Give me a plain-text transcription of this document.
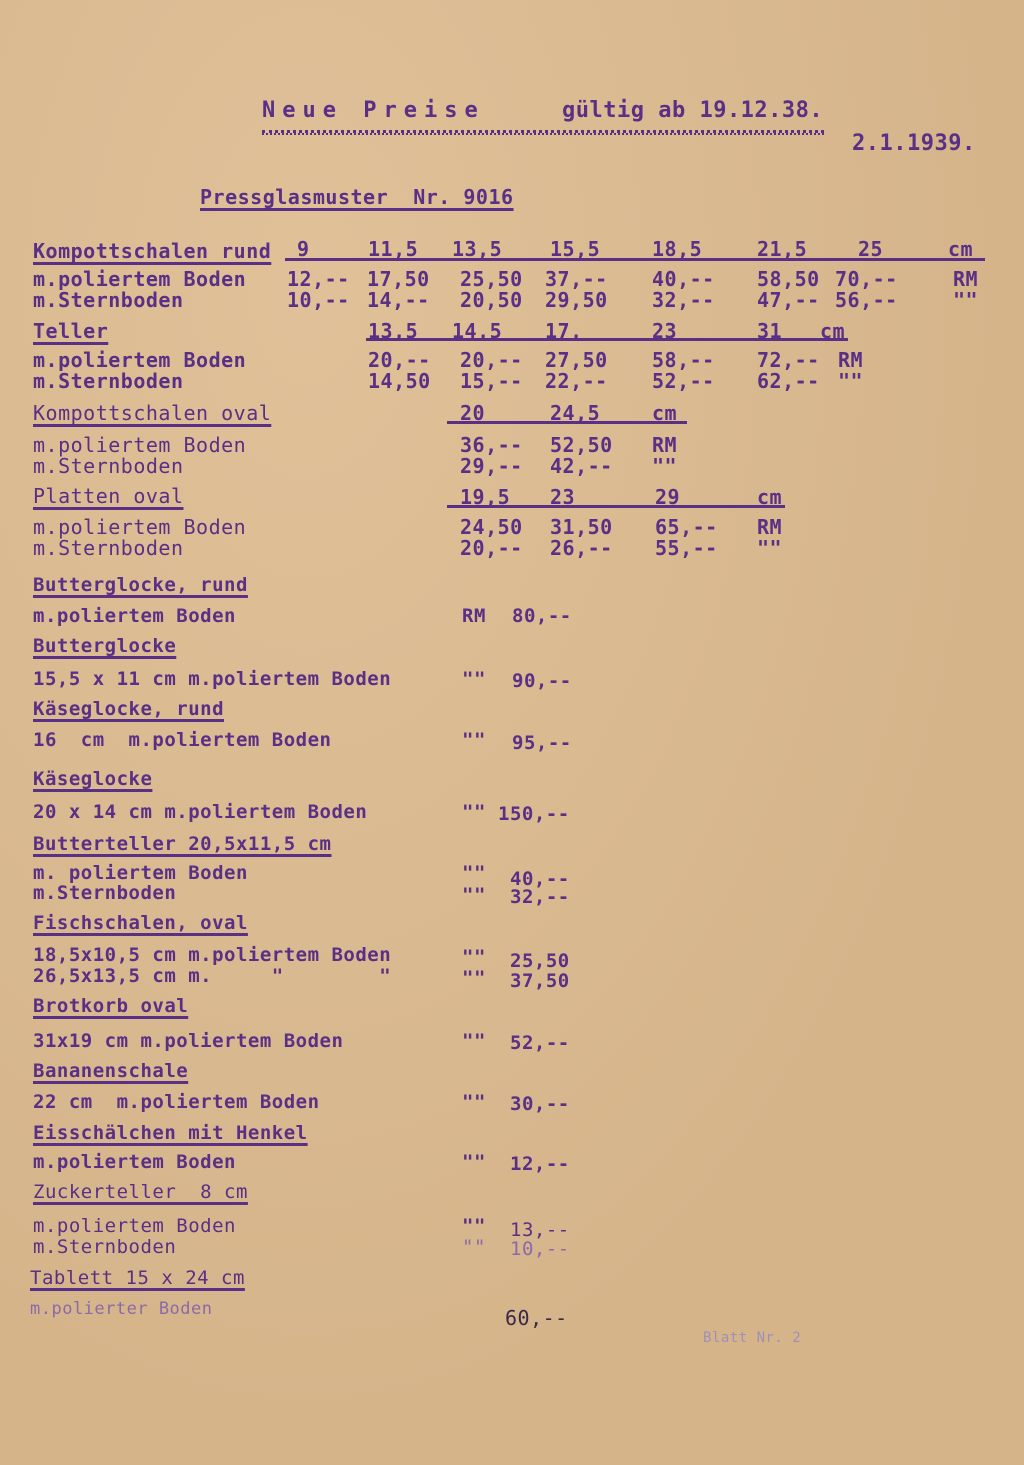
Neue Preise	gültig ab 19.12.38.
2.1.1939.
Pressglasmuster  Nr. 9016
Kompottschalen rund 9	11,5 13,5 15,5	18,5	21,5	25	cm
m.poliertem Boden 12,-- 17,50 25,50 37,-- 40,-- 58,50 70,--	RM
m.Sternboden	10,-- 14,-- 20,50 29,50 32,-- 47,-- 56,--	""
Teller	13,5 14,5 17,	23	31 cm
m.poliertem Boden	20,-- 20,-- 27,50 58,-- 72,-- RM
m.Sternboden	14,50 15,-- 22,-- 52,-- 62,-- ""
Kompottschalen oval	20	24,5	cm
m.poliertem Boden	36,-- 52,50 RM
m.Sternboden	29,-- 42,-- ""
Platten oval	19,5 23	29	cm
m.poliertem Boden	24,50 31,50 65,-- RM
m.Sternboden	20,-- 26,-- 55,-- ""
Butterglocke, rund
m.poliertem Boden	RM 80,--
Butterglocke
15,5 x 11 cm m.poliertem Boden	"" 90,--
Käseglocke, rund
16  cm  m.poliertem Boden	"" 95,--
Käseglocke
20 x 14 cm m.poliertem Boden	"" 150,--
Butterteller 20,5x11,5 cm
m. poliertem Boden	"" 40,--
m.Sternboden	"" 32,--
Fischschalen, oval
18,5x10,5 cm m.poliertem Boden	"" 25,50
26,5x13,5 cm m.     "        "	"" 37,50
Brotkorb oval
31x19 cm m.poliertem Boden	"" 52,--
Bananenschale
22 cm  m.poliertem Boden	"" 30,--
Eisschälchen mit Henkel
m.poliertem Boden	"" 12,--
Zuckerteller  8 cm
m.poliertem Boden	"" 13,--
m.Sternboden	"" 10,--
Tablett 15 x 24 cm
m.polierter Boden	60,--
Blatt Nr. 2
